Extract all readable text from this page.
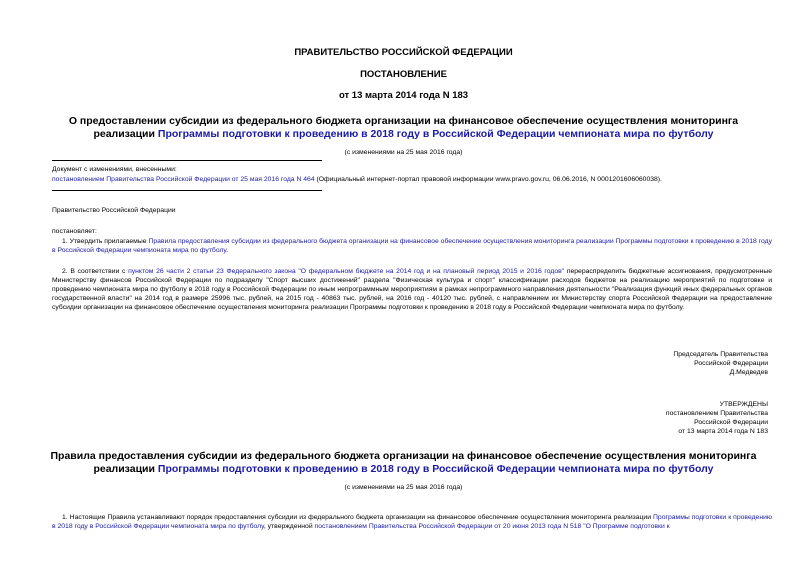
ПРАВИТЕЛЬСТВО РОССИЙСКОЙ ФЕДЕРАЦИИ
ПОСТАНОВЛЕНИЕ
от 13 марта 2014 года N 183
О предоставлении субсидии из федерального бюджета организации на финансовое обеспечение осуществления мониторинга реализации Программы подготовки к проведению в 2018 году в Российской Федерации чемпионата мира по футболу
(с изменениями на 25 мая 2016 года)
Документ с изменениями, внесенными:
постановлением Правительства Российской Федерации от 25 мая 2016 года N 464 (Официальный интернет-портал правовой информации www.pravo.gov.ru, 06.06.2016, N 0001201606060038).
Правительство Российской Федерации
постановляет:
1. Утвердить прилагаемые Правила предоставления субсидии из федерального бюджета организации на финансовое обеспечение осуществления мониторинга реализации Программы подготовки к проведению в 2018 году в Российской Федерации чемпионата мира по футболу.
2. В соответствии с пунктом 26 части 2 статьи 23 Федерального закона "О федеральном бюджете на 2014 год и на плановый период 2015 и 2016 годов" перераспределить бюджетные ассигнования, предусмотренные Министерству финансов Российской Федерации по подразделу "Спорт высших достижений" раздела "Физическая культура и спорт" классификации расходов бюджетов на реализацию мероприятий по подготовке и проведению чемпионата мира по футболу в 2018 году в Российской Федерации по иным непрограммным мероприятиям в рамках непрограммного направления деятельности "Реализация функций иных федеральных органов государственной власти" на 2014 год в размере 25996 тыс. рублей, на 2015 год - 40863 тыс. рублей, на 2016 год - 40120 тыс. рублей, с направлением их Министерству спорта Российской Федерации на предоставление субсидии организации на финансовое обеспечение осуществления мониторинга реализации Программы подготовки к проведению в 2018 году в Российской Федерации чемпионата мира по футболу.
Председатель Правительства
Российской Федерации
Д.Медведев
УТВЕРЖДЕНЫ
постановлением Правительства
Российской Федерации
от 13 марта 2014 года N 183
Правила предоставления субсидии из федерального бюджета организации на финансовое обеспечение осуществления мониторинга реализации Программы подготовки к проведению в 2018 году в Российской Федерации чемпионата мира по футболу
(с изменениями на 25 мая 2016 года)
1. Настоящие Правила устанавливают порядок предоставления субсидии из федерального бюджета организации на финансовое обеспечение осуществления мониторинга реализации Программы подготовки к проведению в 2018 году в Российской Федерации чемпионата мира по футболу, утвержденной постановлением Правительства Российской Федерации от 20 июня 2013 года N 518 "О Программе подготовки к
